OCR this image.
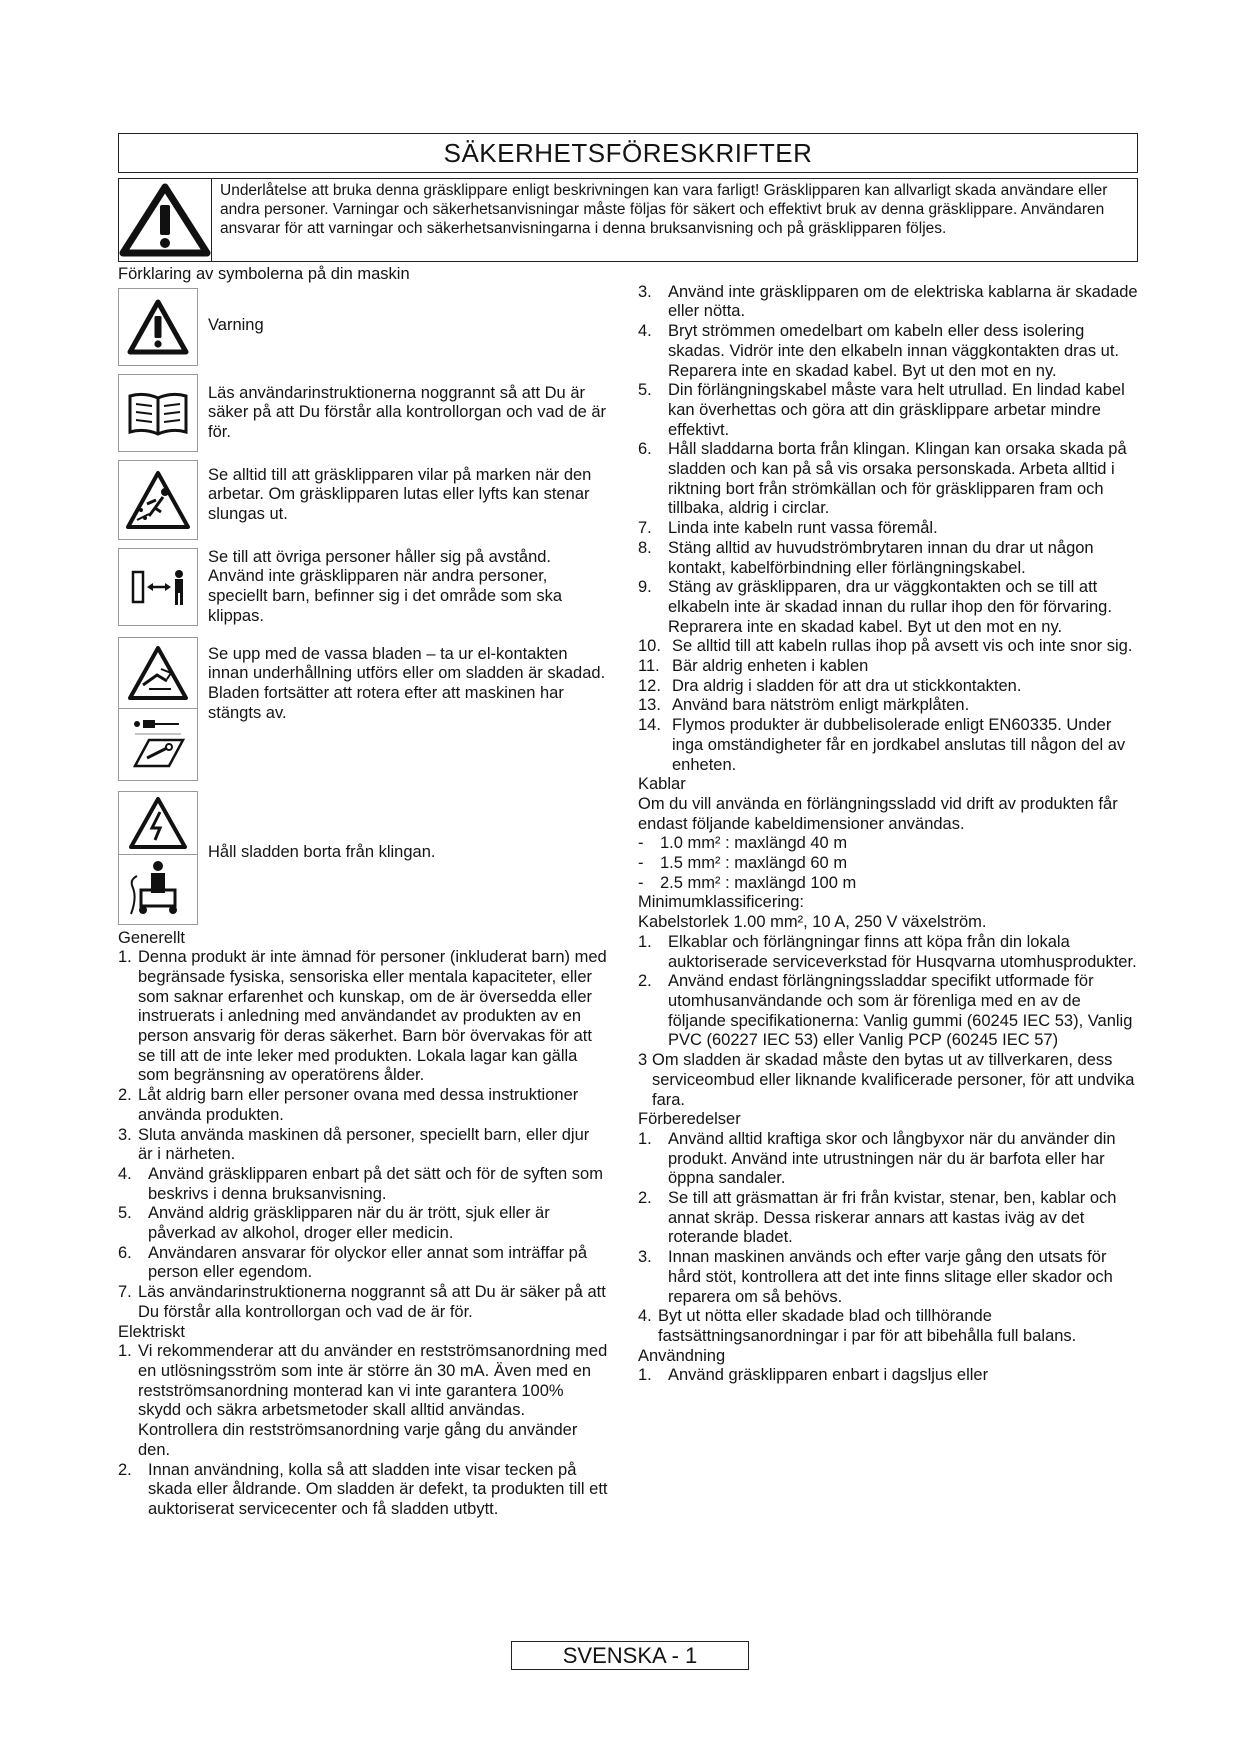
SÄKERHETSFÖRESKRIFTER
Underlåtelse att bruka denna gräsklippare enligt beskrivningen kan vara farligt! Gräsklipparen kan allvarligt skada användare eller andra personer. Varningar och säkerhetsanvisningar måste följas för säkert och effektivt bruk av denna gräsklippare. Användaren ansvarar för att varningar och säkerhetsanvisningarna i denna bruksanvisning och på gräsklipparen följes.
Förklaring av symbolerna på din maskin
Varning
Läs användarinstruktionerna noggrannt så att Du är säker på att Du förstår alla kontrollorgan och vad de är för.
Se alltid till att gräsklipparen vilar på marken när den arbetar. Om gräsklipparen lutas eller lyfts kan stenar slungas ut.
Se till att övriga personer håller sig på avstånd. Använd inte gräsklipparen när andra personer, speciellt barn, befinner sig i det område som ska klippas.
Se upp med de vassa bladen – ta ur el-kontakten innan underhållning utförs eller om sladden är skadad.
Bladen fortsätter att rotera efter att maskinen har stängts av.
Håll sladden borta från klingan.
Generellt
1. Denna produkt är inte ämnad för personer (inkluderat barn) med begränsade fysiska, sensoriska eller mentala kapaciteter, eller som saknar erfarenhet och kunskap, om de är översedda eller instruerats i anledning med användandet av produkten av en person ansvarig för deras säkerhet. Barn bör övervakas för att se till att de inte leker med produkten. Lokala lagar kan gälla som begränsning av operatörens ålder.
2. Låt aldrig barn eller personer ovana med dessa instruktioner använda produkten.
3. Sluta använda maskinen då personer, speciellt barn, eller djur är i närheten.
4. Använd gräsklipparen enbart på det sätt och för de syften som beskrivs i denna bruksanvisning.
5. Använd aldrig gräsklipparen när du är trött, sjuk eller är påverkad av alkohol, droger eller medicin.
6. Användaren ansvarar för olyckor eller annat som inträffar på person eller egendom.
7. Läs användarinstruktionerna noggrannt så att Du är säker på att Du förstår alla kontrollorgan och vad de är för.
Elektriskt
1. Vi rekommenderar att du använder en restströmsanordning med en utlösningsström som inte är större än 30 mA. Även med en restströmsanordning monterad kan vi inte garantera 100% skydd och säkra arbetsmetoder skall alltid användas. Kontrollera din restströmsanordning varje gång du använder den.
2. Innan användning, kolla så att sladden inte visar tecken på skada eller åldrande. Om sladden är defekt, ta produkten till ett auktoriserat servicecenter och få sladden utbytt.
3. Använd inte gräsklipparen om de elektriska kablarna är skadade eller nötta.
4. Bryt strömmen omedelbart om kabeln eller dess isolering skadas. Vidrör inte den elkabeln innan väggkontakten dras ut. Reparera inte en skadad kabel. Byt ut den mot en ny.
5. Din förlängningskabel måste vara helt utrullad. En lindad kabel kan överhettas och göra att din gräsklippare arbetar mindre effektivt.
6. Håll sladdarna borta från klingan. Klingan kan orsaka skada på sladden och kan på så vis orsaka personskada. Arbeta alltid i riktning bort från strömkällan och för gräsklipparen fram och tillbaka, aldrig i circlar.
7. Linda inte kabeln runt vassa föremål.
8. Stäng alltid av huvudströmbrytaren innan du drar ut någon kontakt, kabelförbindning eller förlängningskabel.
9. Stäng av gräsklipparen, dra ur väggkontakten och se till att elkabeln inte är skadad innan du rullar ihop den för förvaring. Reprarera inte en skadad kabel. Byt ut den mot en ny.
10. Se alltid till att kabeln rullas ihop på avsett vis och inte snor sig.
11. Bär aldrig enheten i kablen
12. Dra aldrig i sladden för att dra ut stickkontakten.
13. Använd bara nätström enligt märkplåten.
14. Flymos produkter är dubbelisolerade enligt EN60335. Under inga omständigheter får en jordkabel anslutas till någon del av enheten.
Kablar
Om du vill använda en förlängningssladd vid drift av produkten får endast följande kabeldimensioner användas.
-	1.0 mm² : maxlängd 40 m
-	1.5 mm² : maxlängd 60 m
-	2.5 mm² : maxlängd 100 m
Minimumklassificering:
Kabelstorlek 1.00 mm², 10 A, 250 V växelström.
1. Elkablar och förlängningar finns att köpa från din lokala auktoriserade serviceverkstad för Husqvarna utomhusprodukter.
2. Använd endast förlängningssladdar specifikt utformade för utomhusanvändande och som är förenliga med en av de följande specifikationerna: Vanlig gummi (60245 IEC 53), Vanlig PVC (60227 IEC 53) eller Vanlig PCP (60245 IEC 57)
3 Om sladden är skadad måste den bytas ut av tillverkaren, dess serviceombud eller liknande kvalificerade personer, för att undvika fara.
Förberedelser
1. Använd alltid kraftiga skor och långbyxor när du använder din produkt. Använd inte utrustningen när du är barfota eller har öppna sandaler.
2. Se till att gräsmattan är fri från kvistar, stenar, ben, kablar och annat skräp. Dessa riskerar annars att kastas iväg av det roterande bladet.
3. Innan maskinen används och efter varje gång den utsats för hård stöt, kontrollera att det inte finns slitage eller skador och reparera om så behövs.
4. Byt ut nötta eller skadade blad och tillhörande fastsättningsanordningar i par för att bibehålla full balans.
Användning
1. Använd gräsklipparen enbart i dagsljus eller
SVENSKA - 1
